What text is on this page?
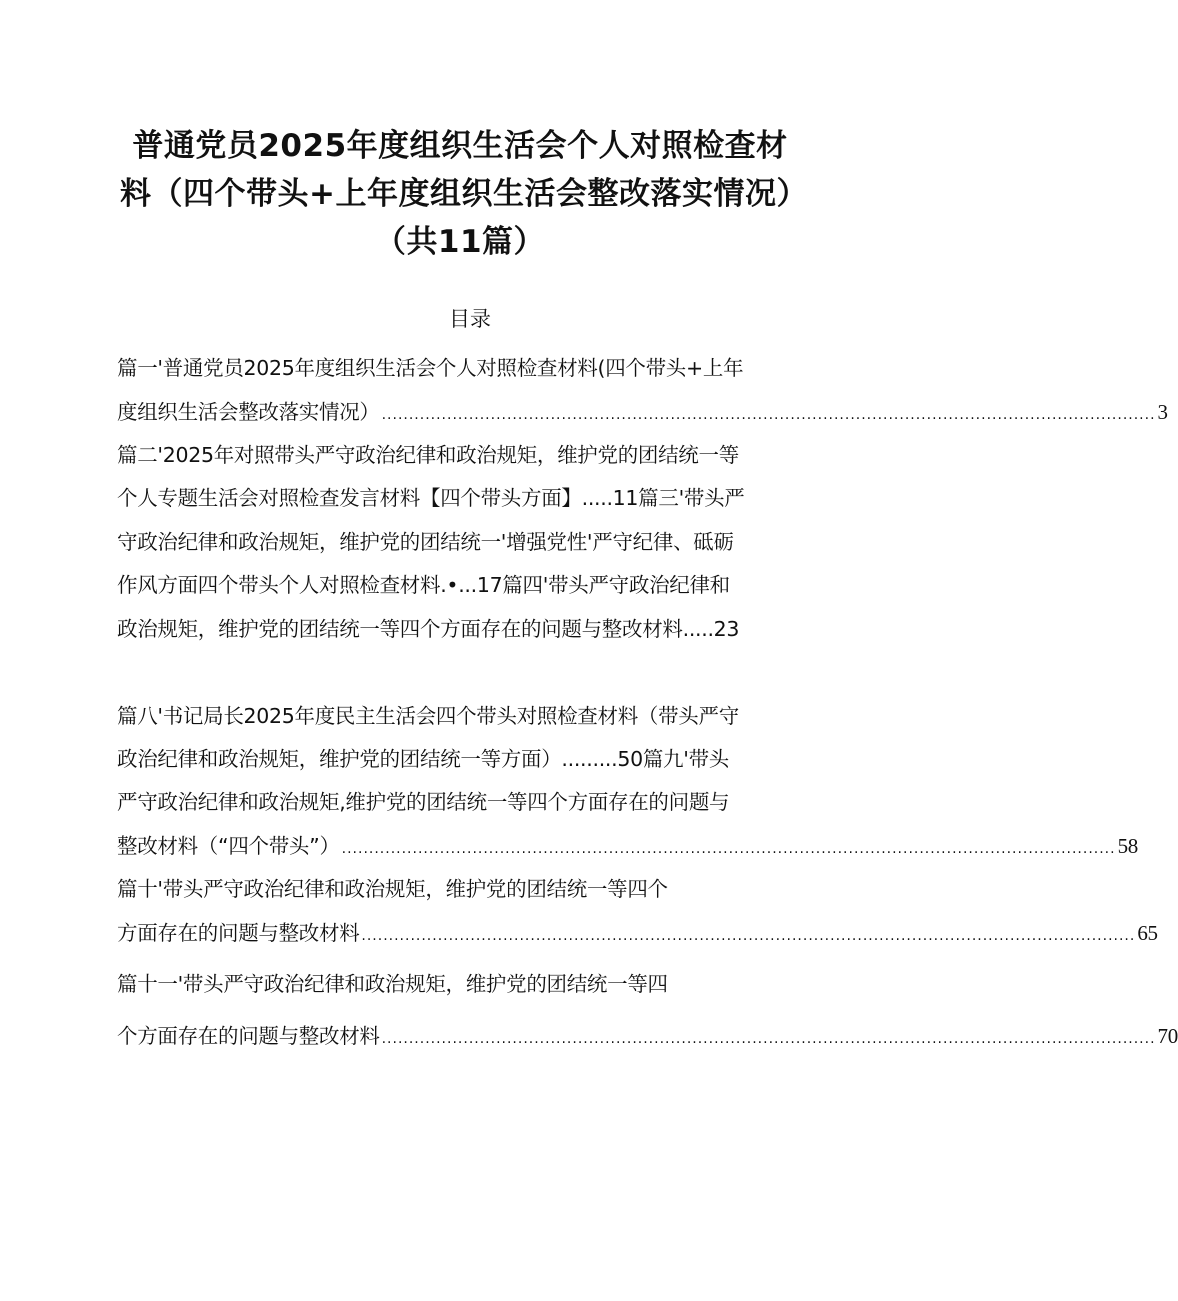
普通党员2025年度组织生活会个人对照检查材
料（四个带头+上年度组织生活会整改落实情况）
（共11篇）
目录
篇一'普通党员2025年度组织生活会个人对照检查材料(四个带头+上年
度组织生活会整改落实情况） .............................................................................................................................................. 3
篇二'2025年对照带头严守政治纪律和政治规矩，维护党的团结统一等
个人专题生活会对照检查发言材料【四个带头方面】.....11篇三'带头严
守政治纪律和政治规矩，维护党的团结统一'增强党性'严守纪律、砥砺
作风方面四个带头个人对照检查材料.•...17篇四'带头严守政治纪律和
政治规矩，维护党的团结统一等四个方面存在的问题与整改材料.....23
篇八'书记局长2025年度民主生活会四个带头对照检查材料（带头严守
政治纪律和政治规矩，维护党的团结统一等方面）.........50篇九'带头
严守政治纪律和政治规矩,维护党的团结统一等四个方面存在的问题与
整改材料（“四个带头”） .............................................................................................................................................. 58
篇十'带头严守政治纪律和政治规矩，维护党的团结统一等四个
方面存在的问题与整改材料 .............................................................................................................................................. 65
篇十一'带头严守政治纪律和政治规矩，维护党的团结统一等四
个方面存在的问题与整改材料 .............................................................................................................................................. 70
